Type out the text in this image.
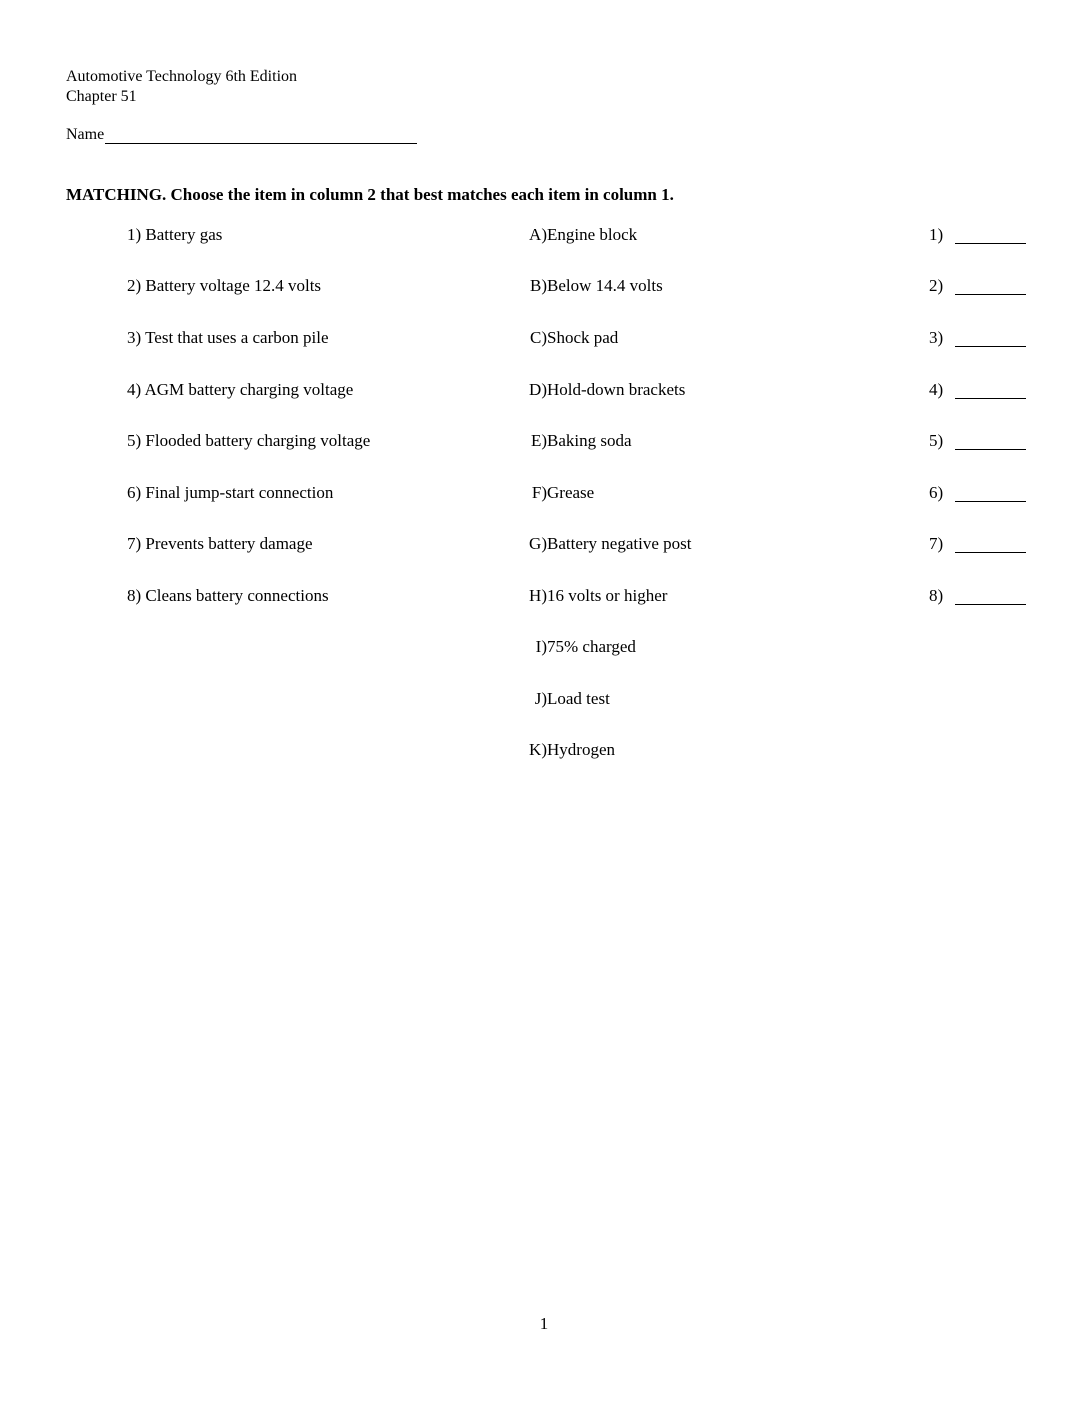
Automotive Technology 6th Edition
Chapter 51
Name
MATCHING. Choose the item in column 2 that best matches each item in column 1.
1) Battery gas	A) Engine block	1)
2) Battery voltage 12.4 volts	B) Below 14.4 volts	2)
3) Test that uses a carbon pile	C) Shock pad	3)
4) AGM battery charging voltage	D) Hold-down brackets	4)
5) Flooded battery charging voltage	E) Baking soda	5)
6) Final jump-start connection	F) Grease	6)
7) Prevents battery damage	G) Battery negative post	7)
8) Cleans battery connections	H) 16 volts or higher	8)
I) 75% charged
J) Load test
K) Hydrogen
1
